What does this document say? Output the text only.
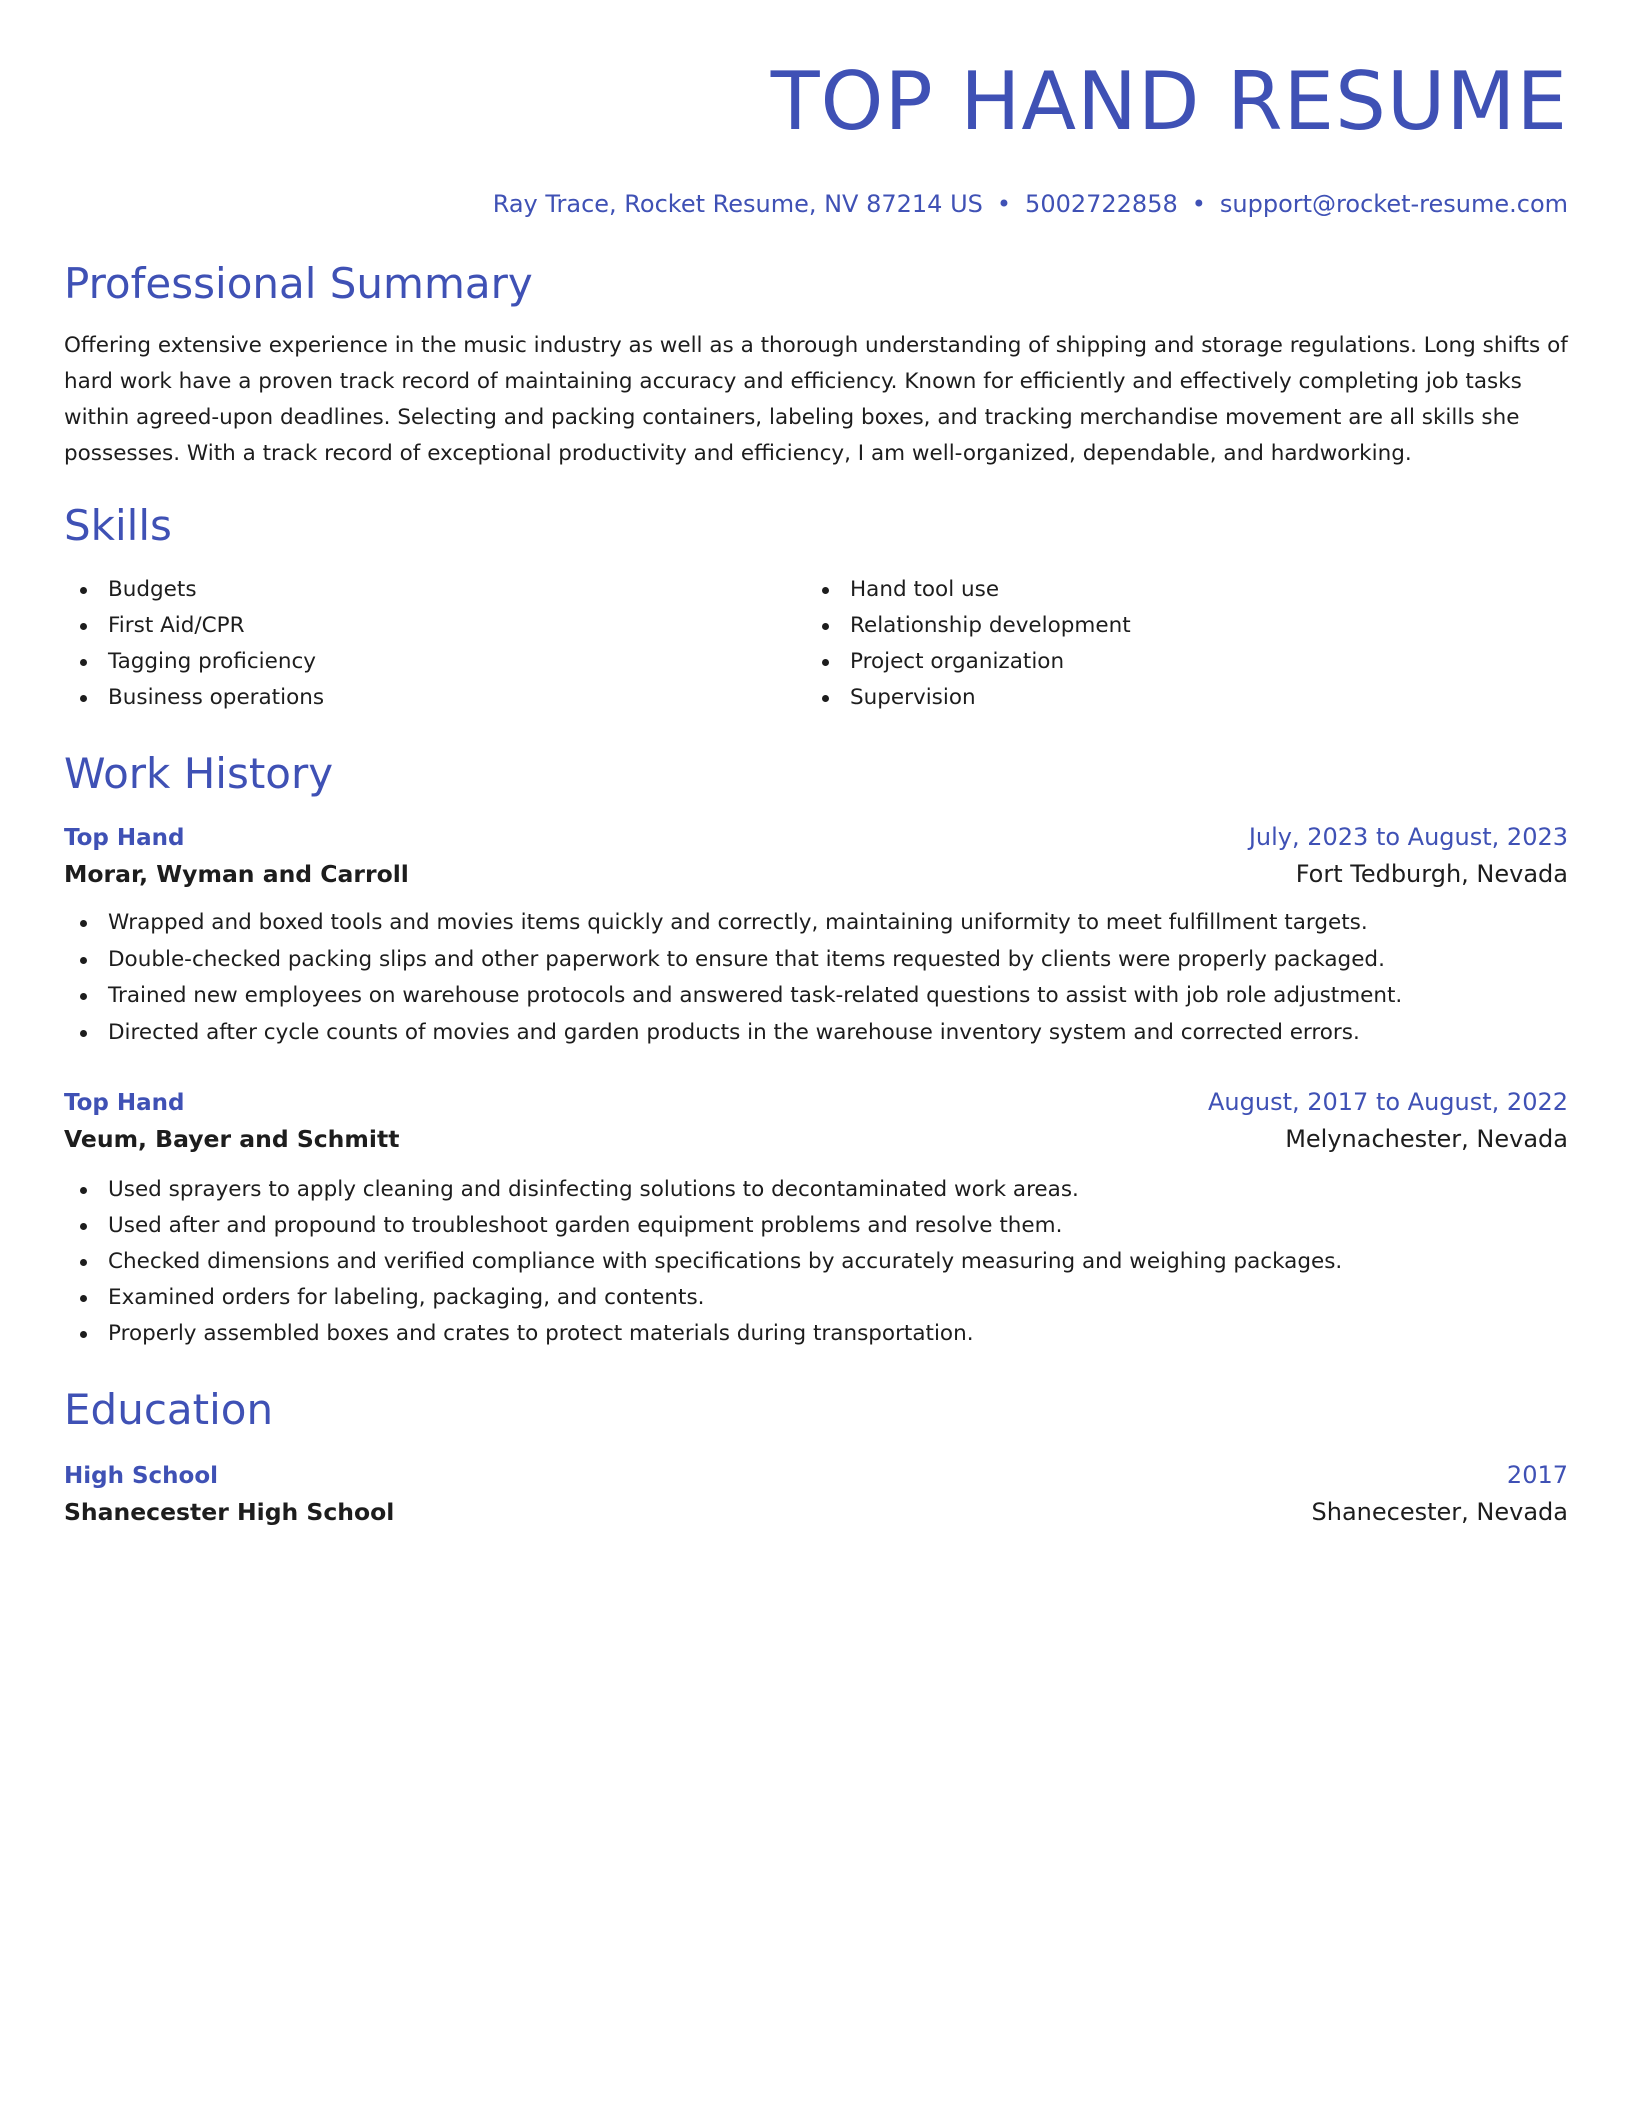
TOP HAND RESUME
Ray Trace, Rocket Resume, NV 87214 US • 5002722858 • support@rocket-resume.com
Professional Summary

Offering extensive experience in the music industry as well as a thorough understanding of shipping and storage regulations. Long shifts of hard work have a proven track record of maintaining accuracy and efficiency. Known for efficiently and effectively completing job tasks within agreed-upon deadlines. Selecting and packing containers, labeling boxes, and tracking merchandise movement are all skills she possesses. With a track record of exceptional productivity and efficiency, I am well-organized, dependable, and hardworking.

Skills
Budgets
First Aid/CPR
Tagging proficiency
Business operations
Hand tool use
Relationship development
Project organization
Supervision
Work History
Top Hand	July, 2023 to August, 2023
Morar, Wyman and Carroll	Fort Tedburgh, Nevada
Wrapped and boxed tools and movies items quickly and correctly, maintaining uniformity to meet fulfillment targets.
Double-checked packing slips and other paperwork to ensure that items requested by clients were properly packaged.
Trained new employees on warehouse protocols and answered task-related questions to assist with job role adjustment.
Directed after cycle counts of movies and garden products in the warehouse inventory system and corrected errors.
Top Hand	August, 2017 to August, 2022
Veum, Bayer and Schmitt	Melynachester, Nevada
Used sprayers to apply cleaning and disinfecting solutions to decontaminated work areas.
Used after and propound to troubleshoot garden equipment problems and resolve them.
Checked dimensions and verified compliance with specifications by accurately measuring and weighing packages.
Examined orders for labeling, packaging, and contents.
Properly assembled boxes and crates to protect materials during transportation.
Education
High School	2017
Shanecester High School	Shanecester, Nevada
